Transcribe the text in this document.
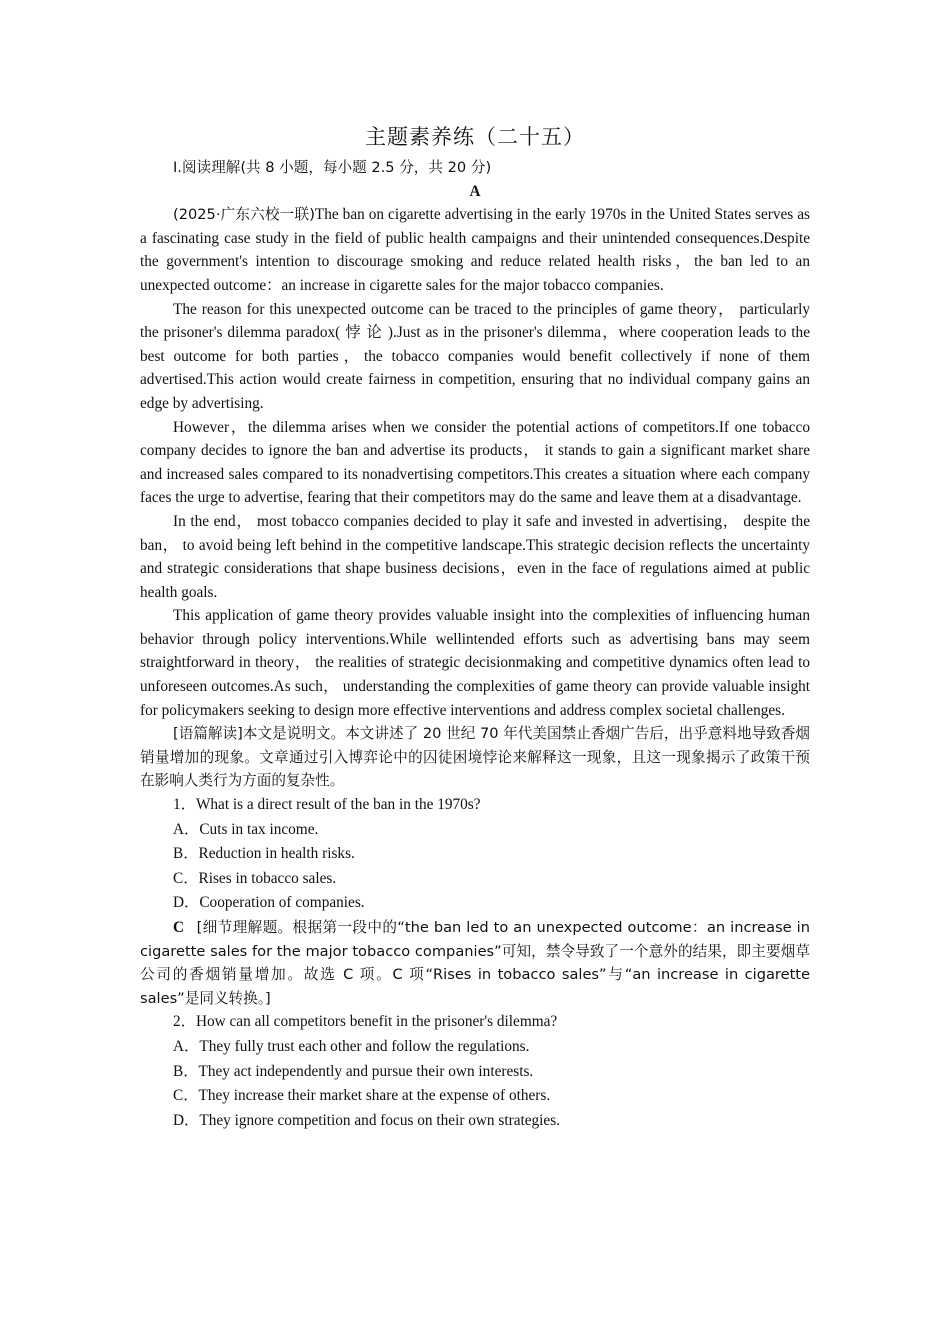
主题素养练（二十五）
I.阅读理解(共 8 小题，每小题 2.5 分，共 20 分)
A

(2025·广东六校一联)The ban on cigarette advertising in the early 1970s in the United States serves as a fascinating case study in the field of public health campaigns and their unintended consequences.Despite the government's intention to discourage smoking and reduce related health risks，the ban led to an unexpected outcome：an increase in cigarette sales for the major tobacco companies.

The reason for this unexpected outcome can be traced to the principles of game theory， particularly the prisoner's dilemma paradox( 悖 论 ).Just as in the prisoner's dilemma，where cooperation leads to the best outcome for both parties，the tobacco companies would benefit collectively if none of them advertised.This action would create fairness in competition, ensuring that no individual company gains an edge by advertising.

However，the dilemma arises when we consider the potential actions of competitors.If one tobacco company decides to ignore the ban and advertise its products， it stands to gain a significant market share and increased sales compared to its nonadvertising competitors.This creates a situation where each company faces the urge to advertise, fearing that their competitors may do the same and leave them at a disadvantage.

In the end， most tobacco companies decided to play it safe and invested in advertising， despite the ban， to avoid being left behind in the competitive landscape.This strategic decision reflects the uncertainty and strategic considerations that shape business decisions，even in the face of regulations aimed at public health goals.

This application of game theory provides valuable insight into the complexities of influencing human behavior through policy interventions.While wellintended efforts such as advertising bans may seem straightforward in theory， the realities of strategic decisionmaking and competitive dynamics often lead to unforeseen outcomes.As such， understanding the complexities of game theory can provide valuable insight for policymakers seeking to design more effective interventions and address complex societal challenges.

[语篇解读]本文是说明文。本文讲述了 20 世纪 70 年代美国禁止香烟广告后，出乎意料地导致香烟销量增加的现象。文章通过引入博弈论中的囚徒困境悖论来解释这一现象，且这一现象揭示了政策干预在影响人类行为方面的复杂性。

1．What is a direct result of the ban in the 1970s?
A．Cuts in tax income.
B．Reduction in health risks.
C．Rises in tobacco sales.
D．Cooperation of companies.

C [细节理解题。根据第一段中的“the ban led to an unexpected outcome：an increase in cigarette sales for the major tobacco companies”可知，禁令导致了一个意外的结果，即主要烟草公司的香烟销量增加。故选 C 项。C 项“Rises in tobacco sales”与“an increase in cigarette sales”是同义转换。]

2．How can all competitors benefit in the prisoner's dilemma?
A．They fully trust each other and follow the regulations.
B．They act independently and pursue their own interests.
C．They increase their market share at the expense of others.
D．They ignore competition and focus on their own strategies.
